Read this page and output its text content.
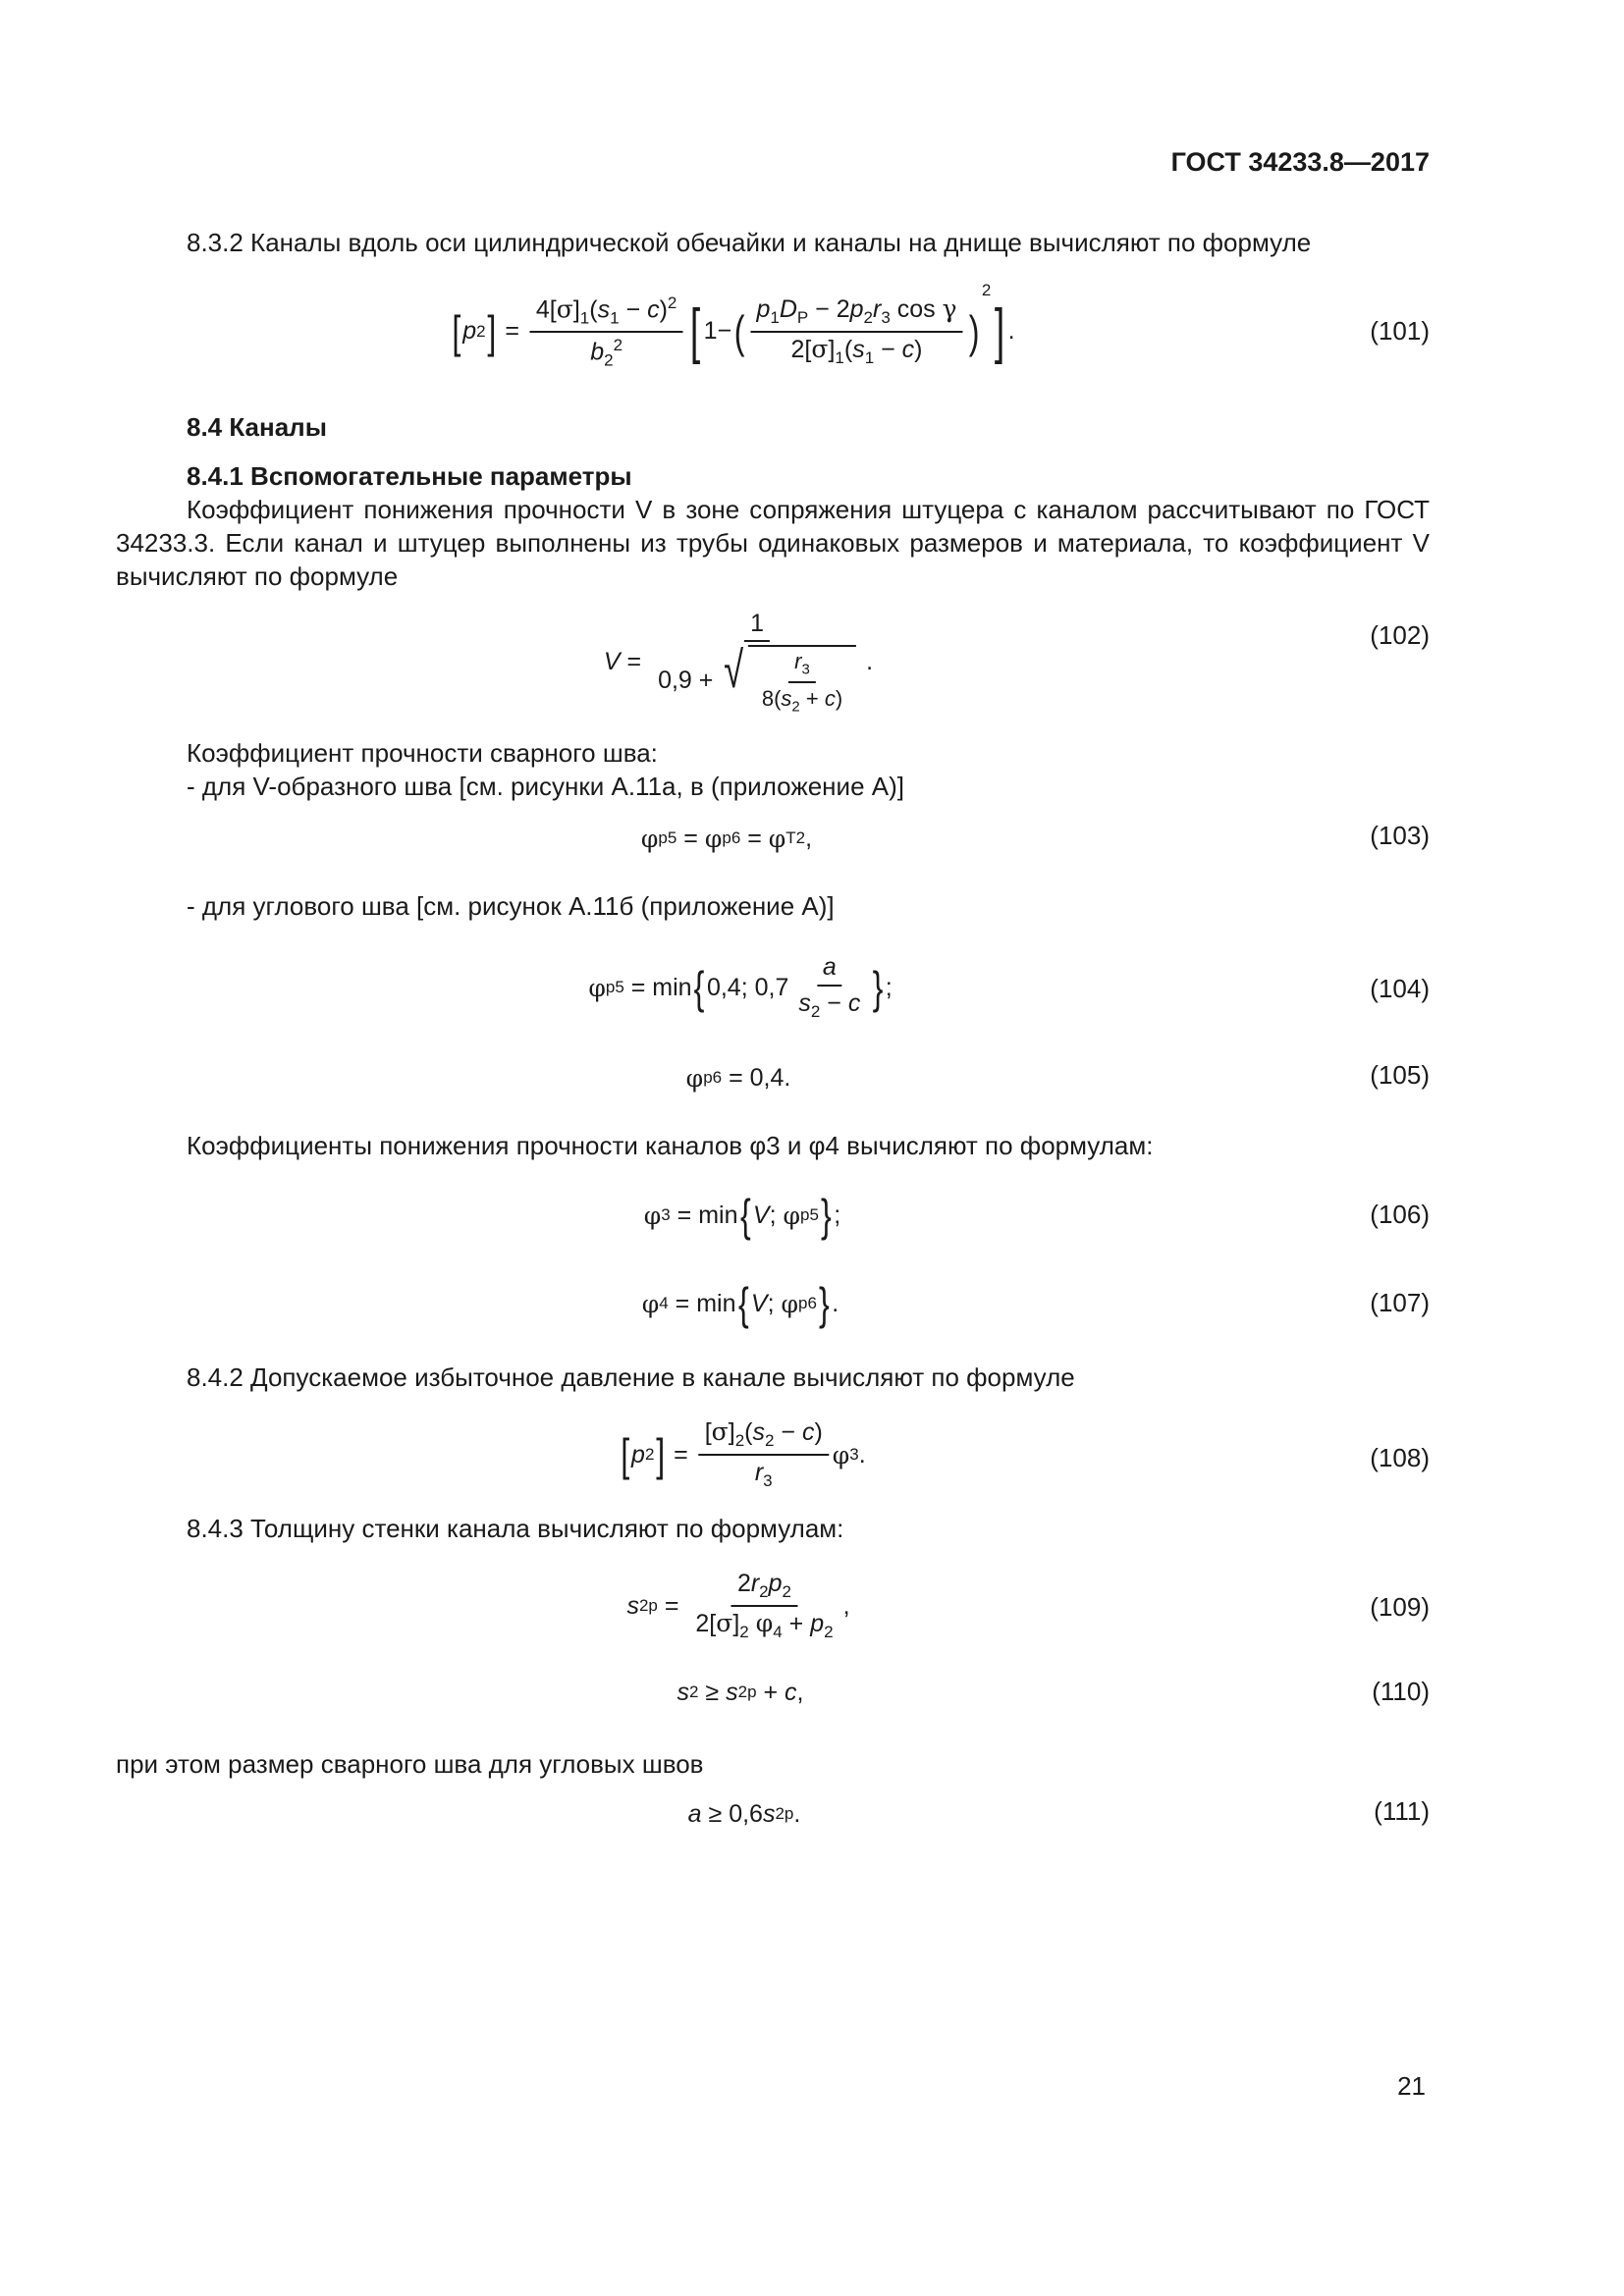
ГОСТ 34233.8—2017
8.3.2 Каналы вдоль оси цилиндрической обечайки и каналы на днище вычисляют по формуле
[ p 2 ] = $\frac{4[\sigma]_1(s_1 - c)^2}{b_2^2}$ [ 1− ( $\frac{p_1D_P - 2p_2r_3 \cos \gamma}{2[\sigma]_1(s_1 - c)}$ )
2
] .	(101)
8.4 Каналы
8.4.1 Вспомогательные параметры
Коэффициент понижения прочности V в зоне сопряжения штуцера с каналом рассчитывают по ГОСТ 34233.3. Если канал и штуцер выполнены из трубы одинаковых размеров и материала, то коэффициент V вычисляют по формуле
V =
1
0,9 + √ $\frac{r_3}{8(s_2 + c)}$ .
(102)
Коэффициент прочности сварного шва:
- для V-образного шва [см. рисунки А.11а, в (приложение А)]
φ p5 = φ p6 = φ T2 ,	(103)
- для углового шва [см. рисунок А.11б (приложение А)]
φ p5 = min { 0,4; $0,7 \frac{a}{s_2 - c}$ } ;	(104)
φ p6 = 0,4.	(105)
Коэффициенты понижения прочности каналов φ3 и φ4 вычисляют по формулам:
φ 3 = min { V ; φ p5 } ;	(106)
φ 4 = min { V ; φ p6 } .	(107)
8.4.2 Допускаемое избыточное давление в канале вычисляют по формуле
[ p 2 ] = $\frac{[\sigma]_2(s_2 - c)}{r_3}$ φ 3 .	(108)
8.4.3 Толщину стенки канала вычисляют по формулам:
s $2p = \frac{2r_2p_2}{2[\sigma]_2 \varphi_4 + p_2}$ ,	(109)
s 2 ≥ s 2p + c ,	(110)
при этом размер сварного шва для угловых швов
a ≥ 0,6 s 2p .	(111)
21
